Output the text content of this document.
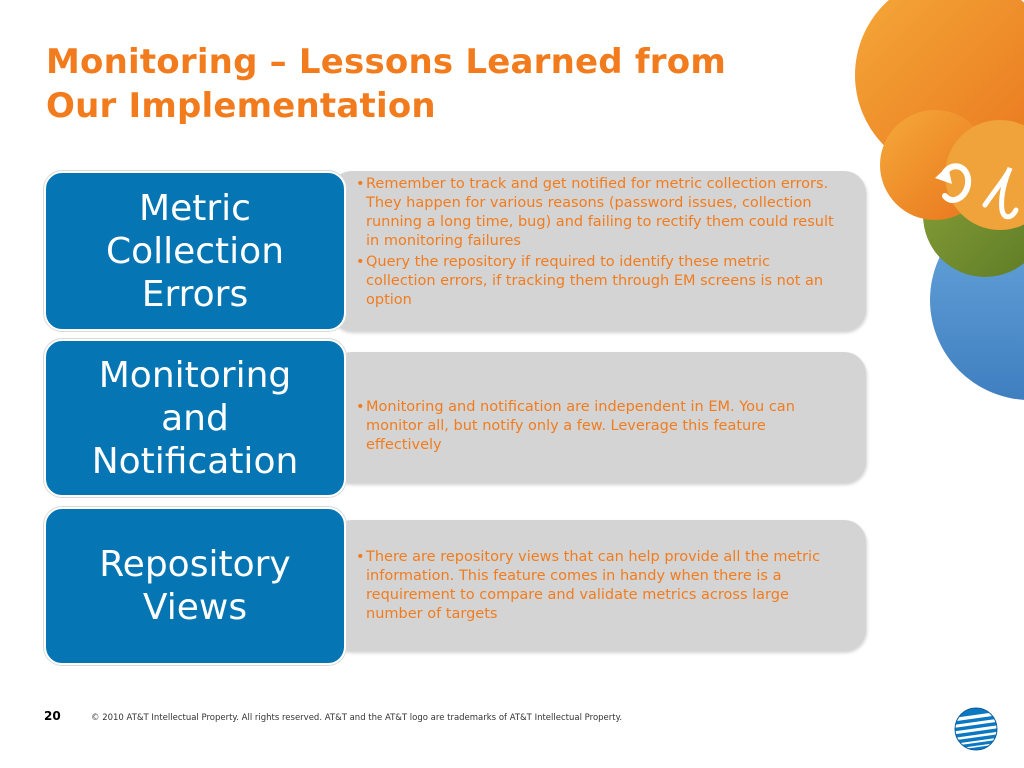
Monitoring – Lessons Learned from
Our Implementation
• Remember to track and get notified for metric collection errors. They happen for various reasons (password issues, collection running a long time, bug) and failing to rectify them could result in monitoring failures
• Query the repository if required to identify these metric collection errors, if tracking them through EM screens is not an option
Metric
Collection
Errors
• Monitoring and notification are independent in EM. You can monitor all, but notify only a few. Leverage this feature effectively
Monitoring
and
Notification
• There are repository views that can help provide all the metric information. This feature comes in handy when there is a requirement to compare and validate metrics across large number of targets
Repository
Views
20	© 2010 AT&T Intellectual Property. All rights reserved. AT&T and the AT&T logo are trademarks of AT&T Intellectual Property.
